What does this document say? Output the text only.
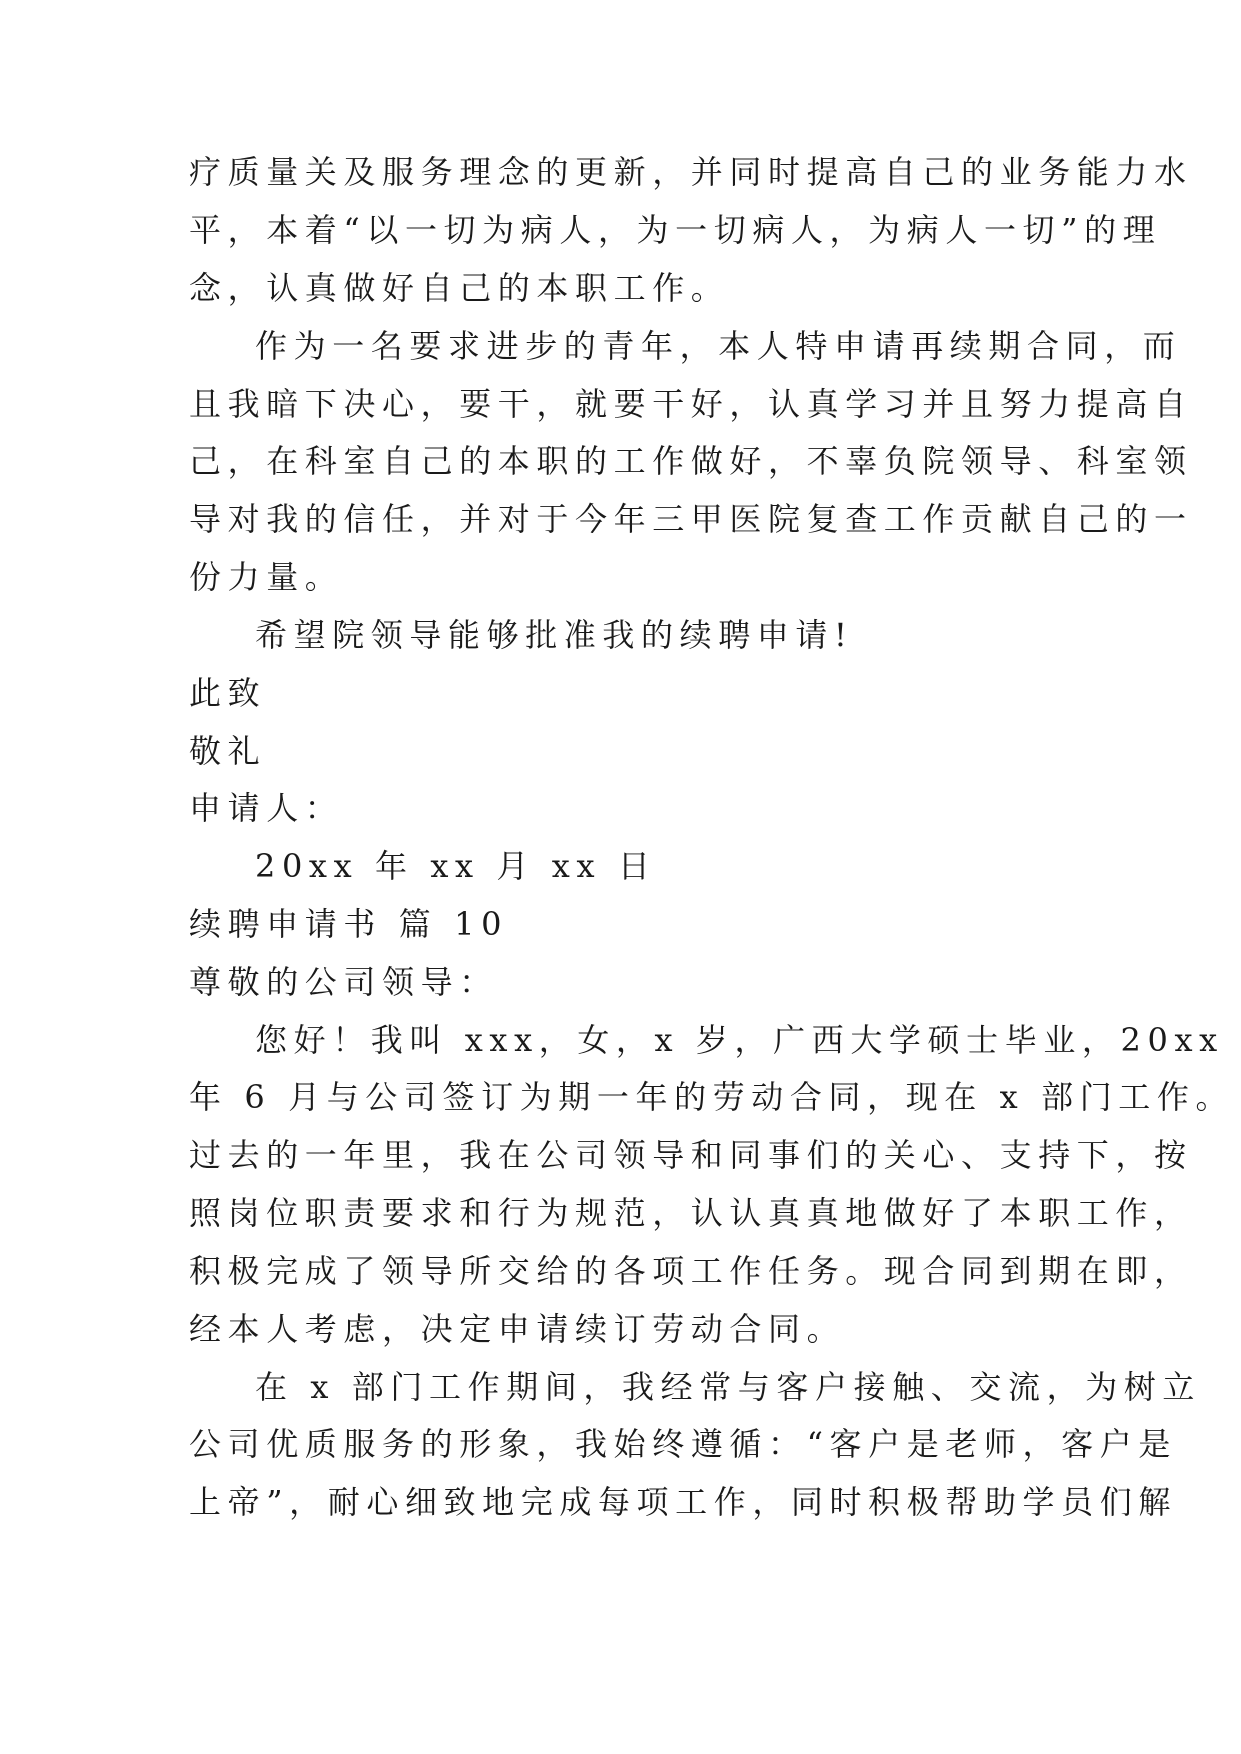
疗质量关及服务理念的更新，并同时提高自己的业务能力水
平，本着“以一切为病人，为一切病人，为病人一切”的理
念，认真做好自己的本职工作。
作为一名要求进步的青年，本人特申请再续期合同，而
且我暗下决心，要干，就要干好，认真学习并且努力提高自
己，在科室自己的本职的工作做好，不辜负院领导、科室领
导对我的信任，并对于今年三甲医院复查工作贡献自己的一
份力量。
希望院领导能够批准我的续聘申请!
此致
敬礼
申请人：
20xx 年 xx 月 xx 日
续聘申请书 篇 10
尊敬的公司领导：
您好！我叫 xxx，女，x 岁，广西大学硕士毕业，20xx
年 6 月与公司签订为期一年的劳动合同，现在 x 部门工作。
过去的一年里，我在公司领导和同事们的关心、支持下，按
照岗位职责要求和行为规范，认认真真地做好了本职工作，
积极完成了领导所交给的各项工作任务。现合同到期在即，
经本人考虑，决定申请续订劳动合同。
在 x 部门工作期间，我经常与客户接触、交流，为树立
公司优质服务的形象，我始终遵循：“客户是老师，客户是
上帝”，耐心细致地完成每项工作，同时积极帮助学员们解
